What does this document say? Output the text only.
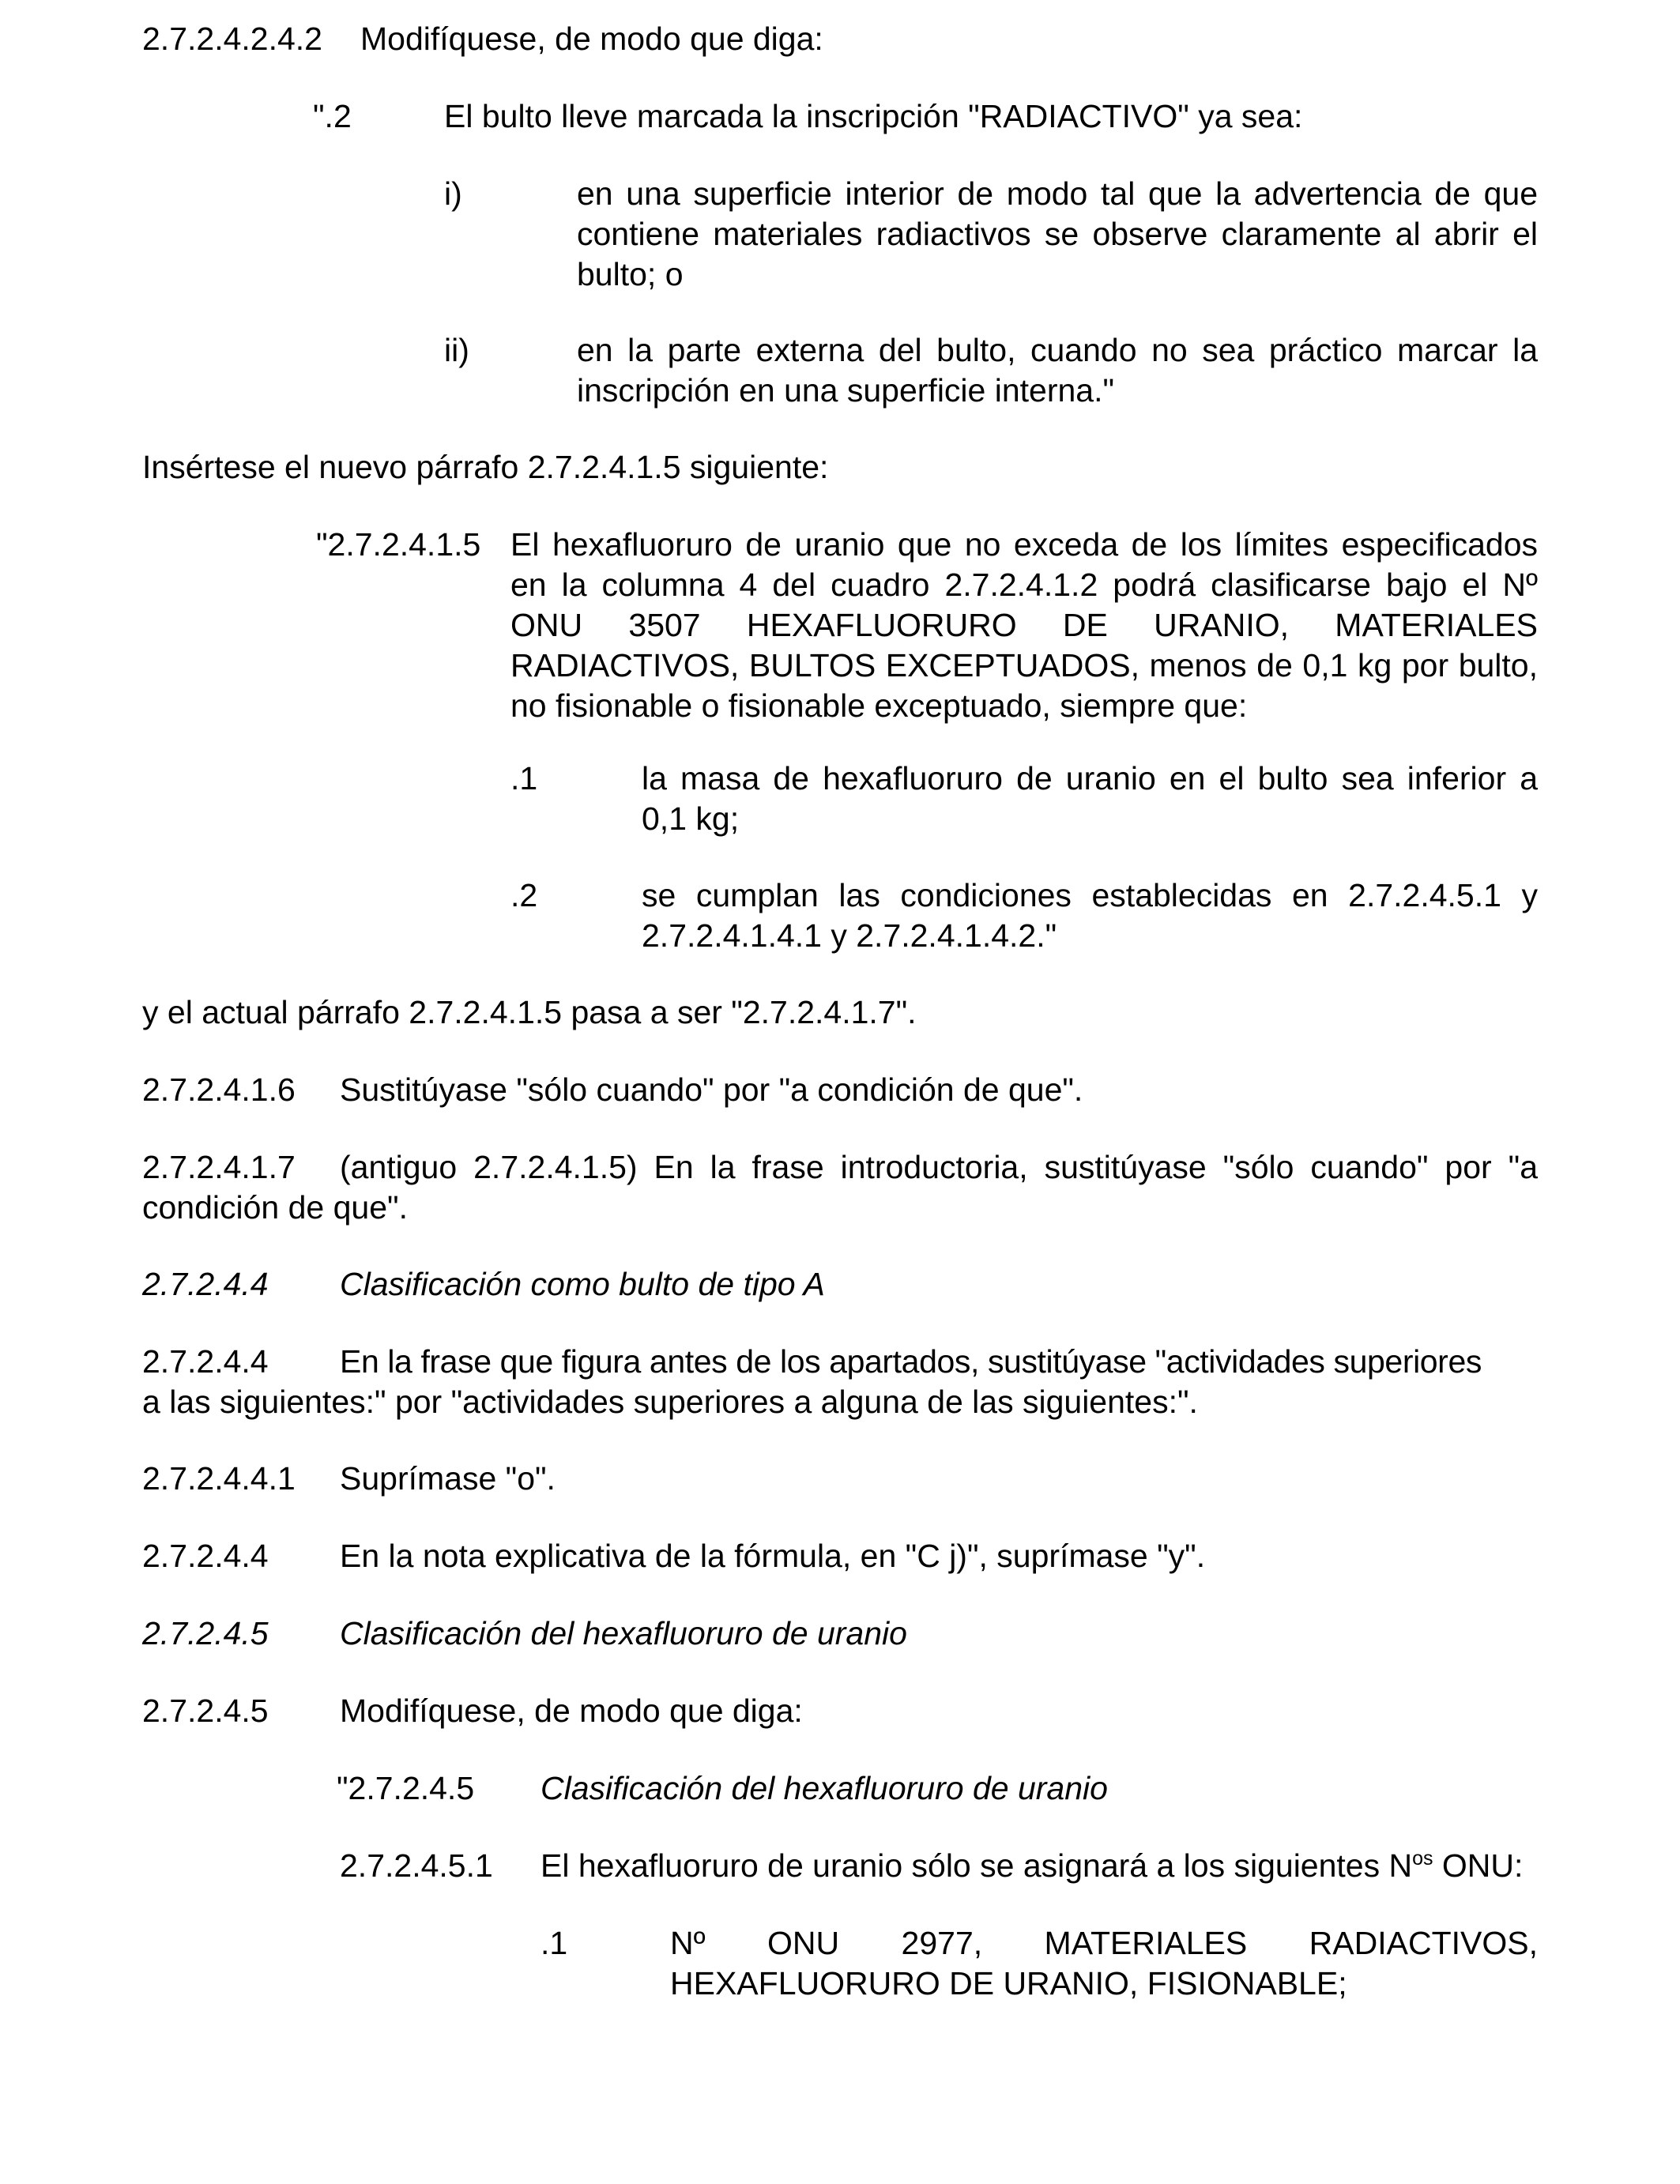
2.7.2.4.2.4.2 Modifíquese, de modo que diga:
".2	El bulto lleve marcada la inscripción "RADIACTIVO" ya sea:
i)	en una superficie interior de modo tal que la advertencia de que contiene materiales radiactivos se observe claramente al abrir el bulto; o
ii)	en la parte externa del bulto, cuando no sea práctico marcar la inscripción en una superficie interna."
Insértese el nuevo párrafo 2.7.2.4.1.5 siguiente:
"2.7.2.4.1.5 El hexafluoruro de uranio que no exceda de los límites especificados en la columna 4 del cuadro 2.7.2.4.1.2 podrá clasificarse bajo el Nº ONU 3507 HEXAFLUORURO DE URANIO, MATERIALES RADIACTIVOS, BULTOS EXCEPTUADOS, menos de 0,1 kg por bulto, no fisionable o fisionable exceptuado, siempre que:
.1	la masa de hexafluoruro de uranio en el bulto sea inferior a 0,1 kg;
.2	se cumplan las condiciones establecidas en 2.7.2.4.5.1 y 2.7.2.4.1.4.1 y 2.7.2.4.1.4.2."
y el actual párrafo 2.7.2.4.1.5 pasa a ser "2.7.2.4.1.7".
2.7.2.4.1.6 Sustitúyase "sólo cuando" por "a condición de que".
2.7.2.4.1.7 (antiguo 2.7.2.4.1.5) En la frase introductoria, sustitúyase "sólo cuando" por "a
condición de que".
2.7.2.4.4 Clasificación como bulto de tipo A
2.7.2.4.4 En la frase que figura antes de los apartados, sustitúyase "actividades superiores
a las siguientes:" por "actividades superiores a alguna de las siguientes:".
2.7.2.4.4.1 Suprímase "o".
2.7.2.4.4 En la nota explicativa de la fórmula, en "C j)", suprímase "y".
2.7.2.4.5 Clasificación del hexafluoruro de uranio
2.7.2.4.5 Modifíquese, de modo que diga:
"2.7.2.4.5 Clasificación del hexafluoruro de uranio
2.7.2.4.5.1 El hexafluoruro de uranio sólo se asignará a los siguientes $N^{os}$ ONU:
.1	Nº ONU 2977, MATERIALES RADIACTIVOS, HEXAFLUORURO DE URANIO, FISIONABLE;
